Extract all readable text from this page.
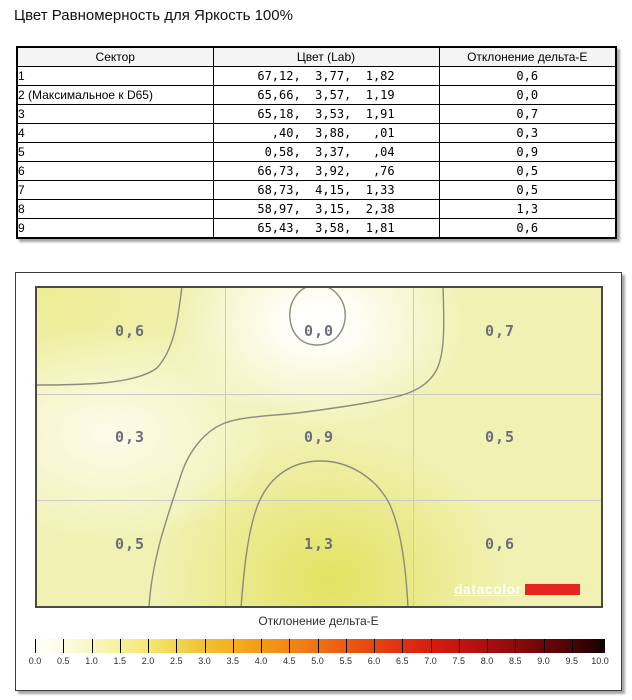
Цвет Равномерность для Яркость 100%
Сектор	Цвет (Lab)	Отклонение дельта-E
1	67,12,  3,77,  1,82	0,6
2 (Максимальное к D65)	65,66,  3,57,  1,19	0,0
3	65,18,  3,53,  1,91	0,7
4	,40,  3,88,   ,01	0,3
5	0,58,  3,37,   ,04	0,9
6	66,73,  3,92,   ,76	0,5
7	68,73,  4,15,  1,33	0,5
8	58,97,  3,15,  2,38	1,3
9	65,43,  3,58,  1,81	0,6
datacolor
0,6	0,0	0,7
0,3	0,9	0,5
0,5	1,3	0,6
Отклонение дельта-E
0.0 0.5 1.0 1.5 2.0 2.5 3.0 3.5 4.0 4.5 5.0 5.5 6.0 6.5 7.0 7.5 8.0 8.5 9.0 9.5 10.0
